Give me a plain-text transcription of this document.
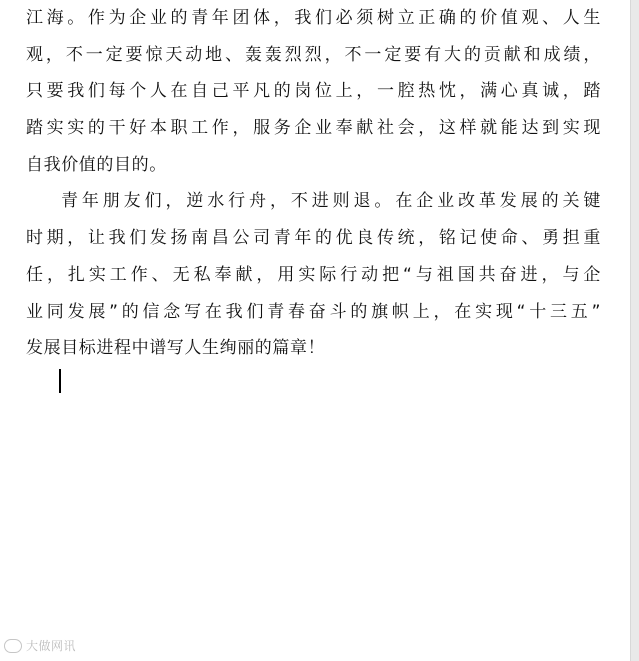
江海。作为企业的青年团体，我们必须树立正确的价值观、人生
观，不一定要惊天动地、轰轰烈烈，不一定要有大的贡献和成绩，
只要我们每个人在自己平凡的岗位上，一腔热忱，满心真诚，踏
踏实实的干好本职工作，服务企业奉献社会，这样就能达到实现
自我价值的目的。
青年朋友们，逆水行舟，不进则退。在企业改革发展的关键
时期，让我们发扬南昌公司青年的优良传统，铭记使命、勇担重
任，扎实工作、无私奉献，用实际行动把“与祖国共奋进，与企
业同发展”的信念写在我们青春奋斗的旗帜上，在实现“十三五”
发展目标进程中谱写人生绚丽的篇章！
大做网讯
